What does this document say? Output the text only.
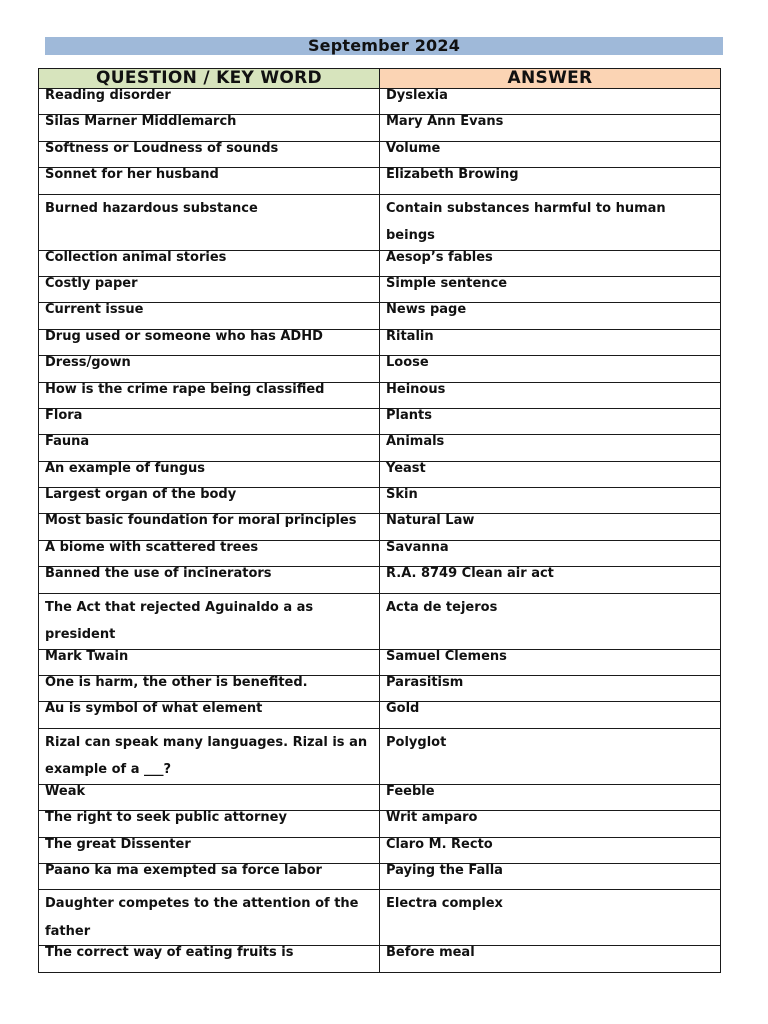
September 2024
QUESTION / KEY WORD	ANSWER
Reading disorder	Dyslexia
Silas Marner Middlemarch	Mary Ann Evans
Softness or Loudness of sounds	Volume
Sonnet for her husband	Elizabeth Browing
Burned hazardous substance	Contain substances harmful to human beings
Collection animal stories	Aesop’s fables
Costly paper	Simple sentence
Current issue	News page
Drug used or someone who has ADHD	Ritalin
Dress/gown	Loose
How is the crime rape being classified	Heinous
Flora	Plants
Fauna	Animals
An example of fungus	Yeast
Largest organ of the body	Skin
Most basic foundation for moral principles	Natural Law
A biome with scattered trees	Savanna
Banned the use of incinerators	R.A. 8749 Clean air act
The Act that rejected Aguinaldo a as president	Acta de tejeros
Mark Twain	Samuel Clemens
One is harm, the other is benefited.	Parasitism
Au is symbol of what element	Gold
Rizal can speak many languages. Rizal is an example of a ___?	Polyglot
Weak	Feeble
The right to seek public attorney	Writ amparo
The great Dissenter	Claro M. Recto
Paano ka ma exempted sa force labor	Paying the Falla
Daughter competes to the attention of the father	Electra complex
The correct way of eating fruits is	Before meal
